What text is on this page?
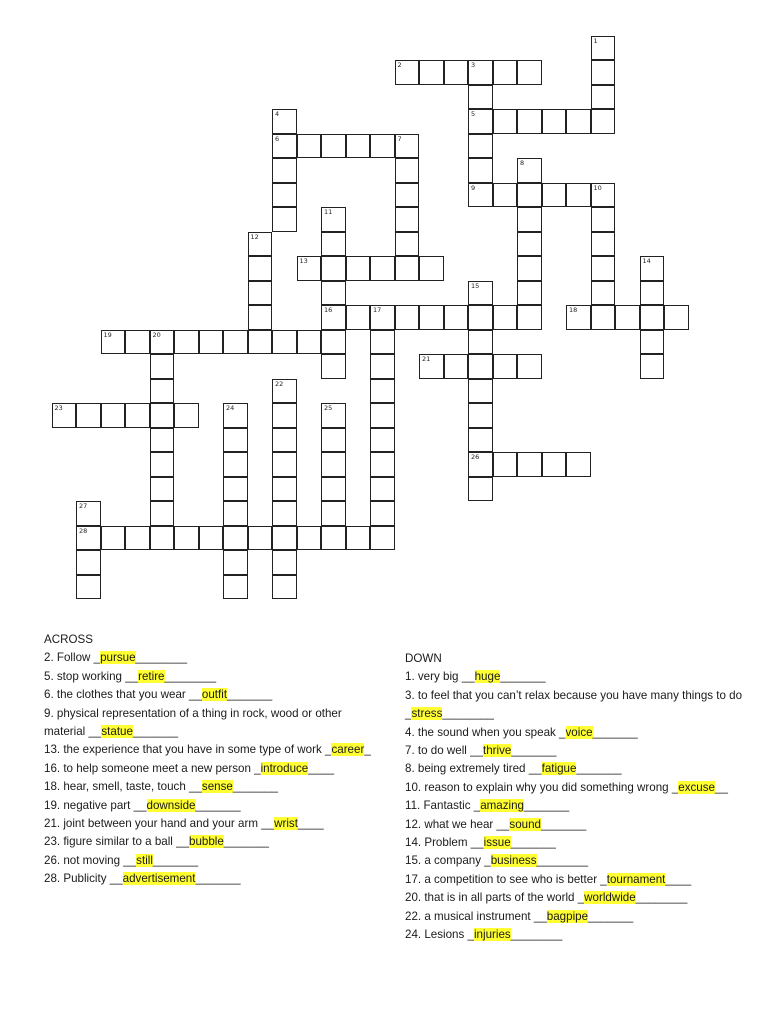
1
2	3
5
4
6	7
8
9	10
11
16
12
13	14
15
26
17	18
19	20
21
22
23	24	25
27
28
ACROSS
2. Follow _pursue________
5. stop working __retire________
6. the clothes that you wear __outfit_______
9. physical representation of a thing in rock, wood or other material __statue_______
13. the experience that you have in some type of work _career_
16. to help someone meet a new person _introduce____
18. hear, smell, taste, touch __sense_______
19. negative part __downside_______
21. joint between your hand and your arm __wrist____
23. figure similar to a ball __bubble_______
26. not moving __still_______
28. Publicity __advertisement_______
DOWN
1. very big __huge_______
3. to feel that you can’t relax because you have many things to do _stress________
4. the sound when you speak _voice_______
7. to do well __thrive_______
8. being extremely tired __fatigue_______
10. reason to explain why you did something wrong _excuse__
11. Fantastic _amazing_______
12. what we hear __sound_______
14. Problem __issue_______
15. a company _business________
17. a competition to see who is better _tournament____
20. that is in all parts of the world _worldwide________
22. a musical instrument __bagpipe_______
24. Lesions _injuries________
